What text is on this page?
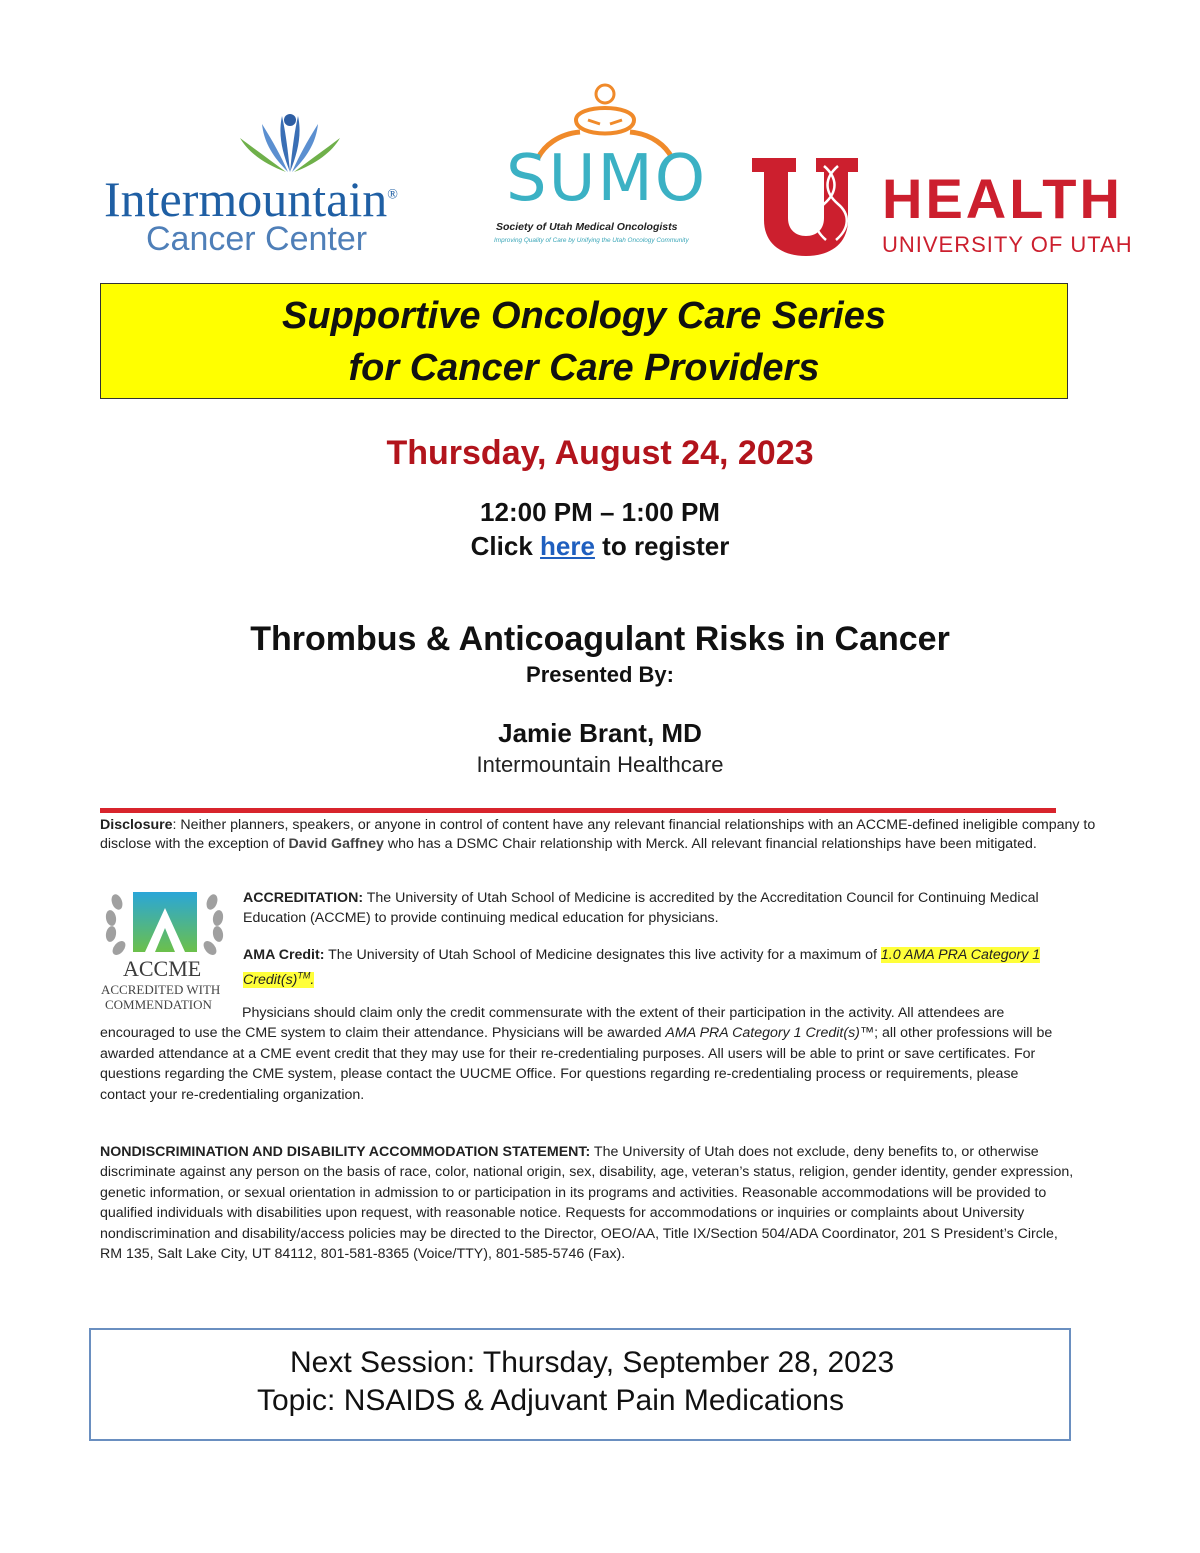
Intermountain®
Cancer Center
SUMO
Society of Utah Medical Oncologists
Improving Quality of Care by Unifying the Utah Oncology Community
HEALTH
UNIVERSITY OF UTAH
Supportive Oncology Care Series
for Cancer Care Providers
Thursday, August 24, 2023
12:00 PM – 1:00 PM
Click here to register
Thrombus & Anticoagulant Risks in Cancer
Presented By:
Jamie Brant, MD
Intermountain Healthcare
Disclosure: Neither planners, speakers, or anyone in control of content have any relevant financial relationships with an ACCME-defined ineligible company to disclose with the exception of David Gaffney who has a DSMC Chair relationship with Merck. All relevant financial relationships have been mitigated.
ACCME
ACCREDITED WITH
COMMENDATION
ACCREDITATION: The University of Utah School of Medicine is accredited by the Accreditation Council for Continuing Medical Education (ACCME) to provide continuing medical education for physicians.
AMA Credit: The University of Utah School of Medicine designates this live activity for a maximum of 1.0 AMA PRA Category 1 Credit(s)™.
Physicians should claim only the credit commensurate with the extent of their participation in the activity. All attendees are encouraged to use the CME system to claim their attendance. Physicians will be awarded AMA PRA Category 1 Credit(s)™; all other professions will be awarded attendance at a CME event credit that they may use for their re-credentialing purposes. All users will be able to print or save certificates. For questions regarding the CME system, please contact the UUCME Office. For questions regarding re-credentialing process or requirements, please contact your re-credentialing organization.
NONDISCRIMINATION AND DISABILITY ACCOMMODATION STATEMENT: The University of Utah does not exclude, deny benefits to, or otherwise discriminate against any person on the basis of race, color, national origin, sex, disability, age, veteran’s status, religion, gender identity, gender expression, genetic information, or sexual orientation in admission to or participation in its programs and activities. Reasonable accommodations will be provided to qualified individuals with disabilities upon request, with reasonable notice. Requests for accommodations or inquiries or complaints about University nondiscrimination and disability/access policies may be directed to the Director, OEO/AA, Title IX/Section 504/ADA Coordinator, 201 S President’s Circle, RM 135, Salt Lake City, UT 84112, 801-581-8365 (Voice/TTY), 801-585-5746 (Fax).
Next Session: Thursday, September 28, 2023
Topic: NSAIDS & Adjuvant Pain Medications
